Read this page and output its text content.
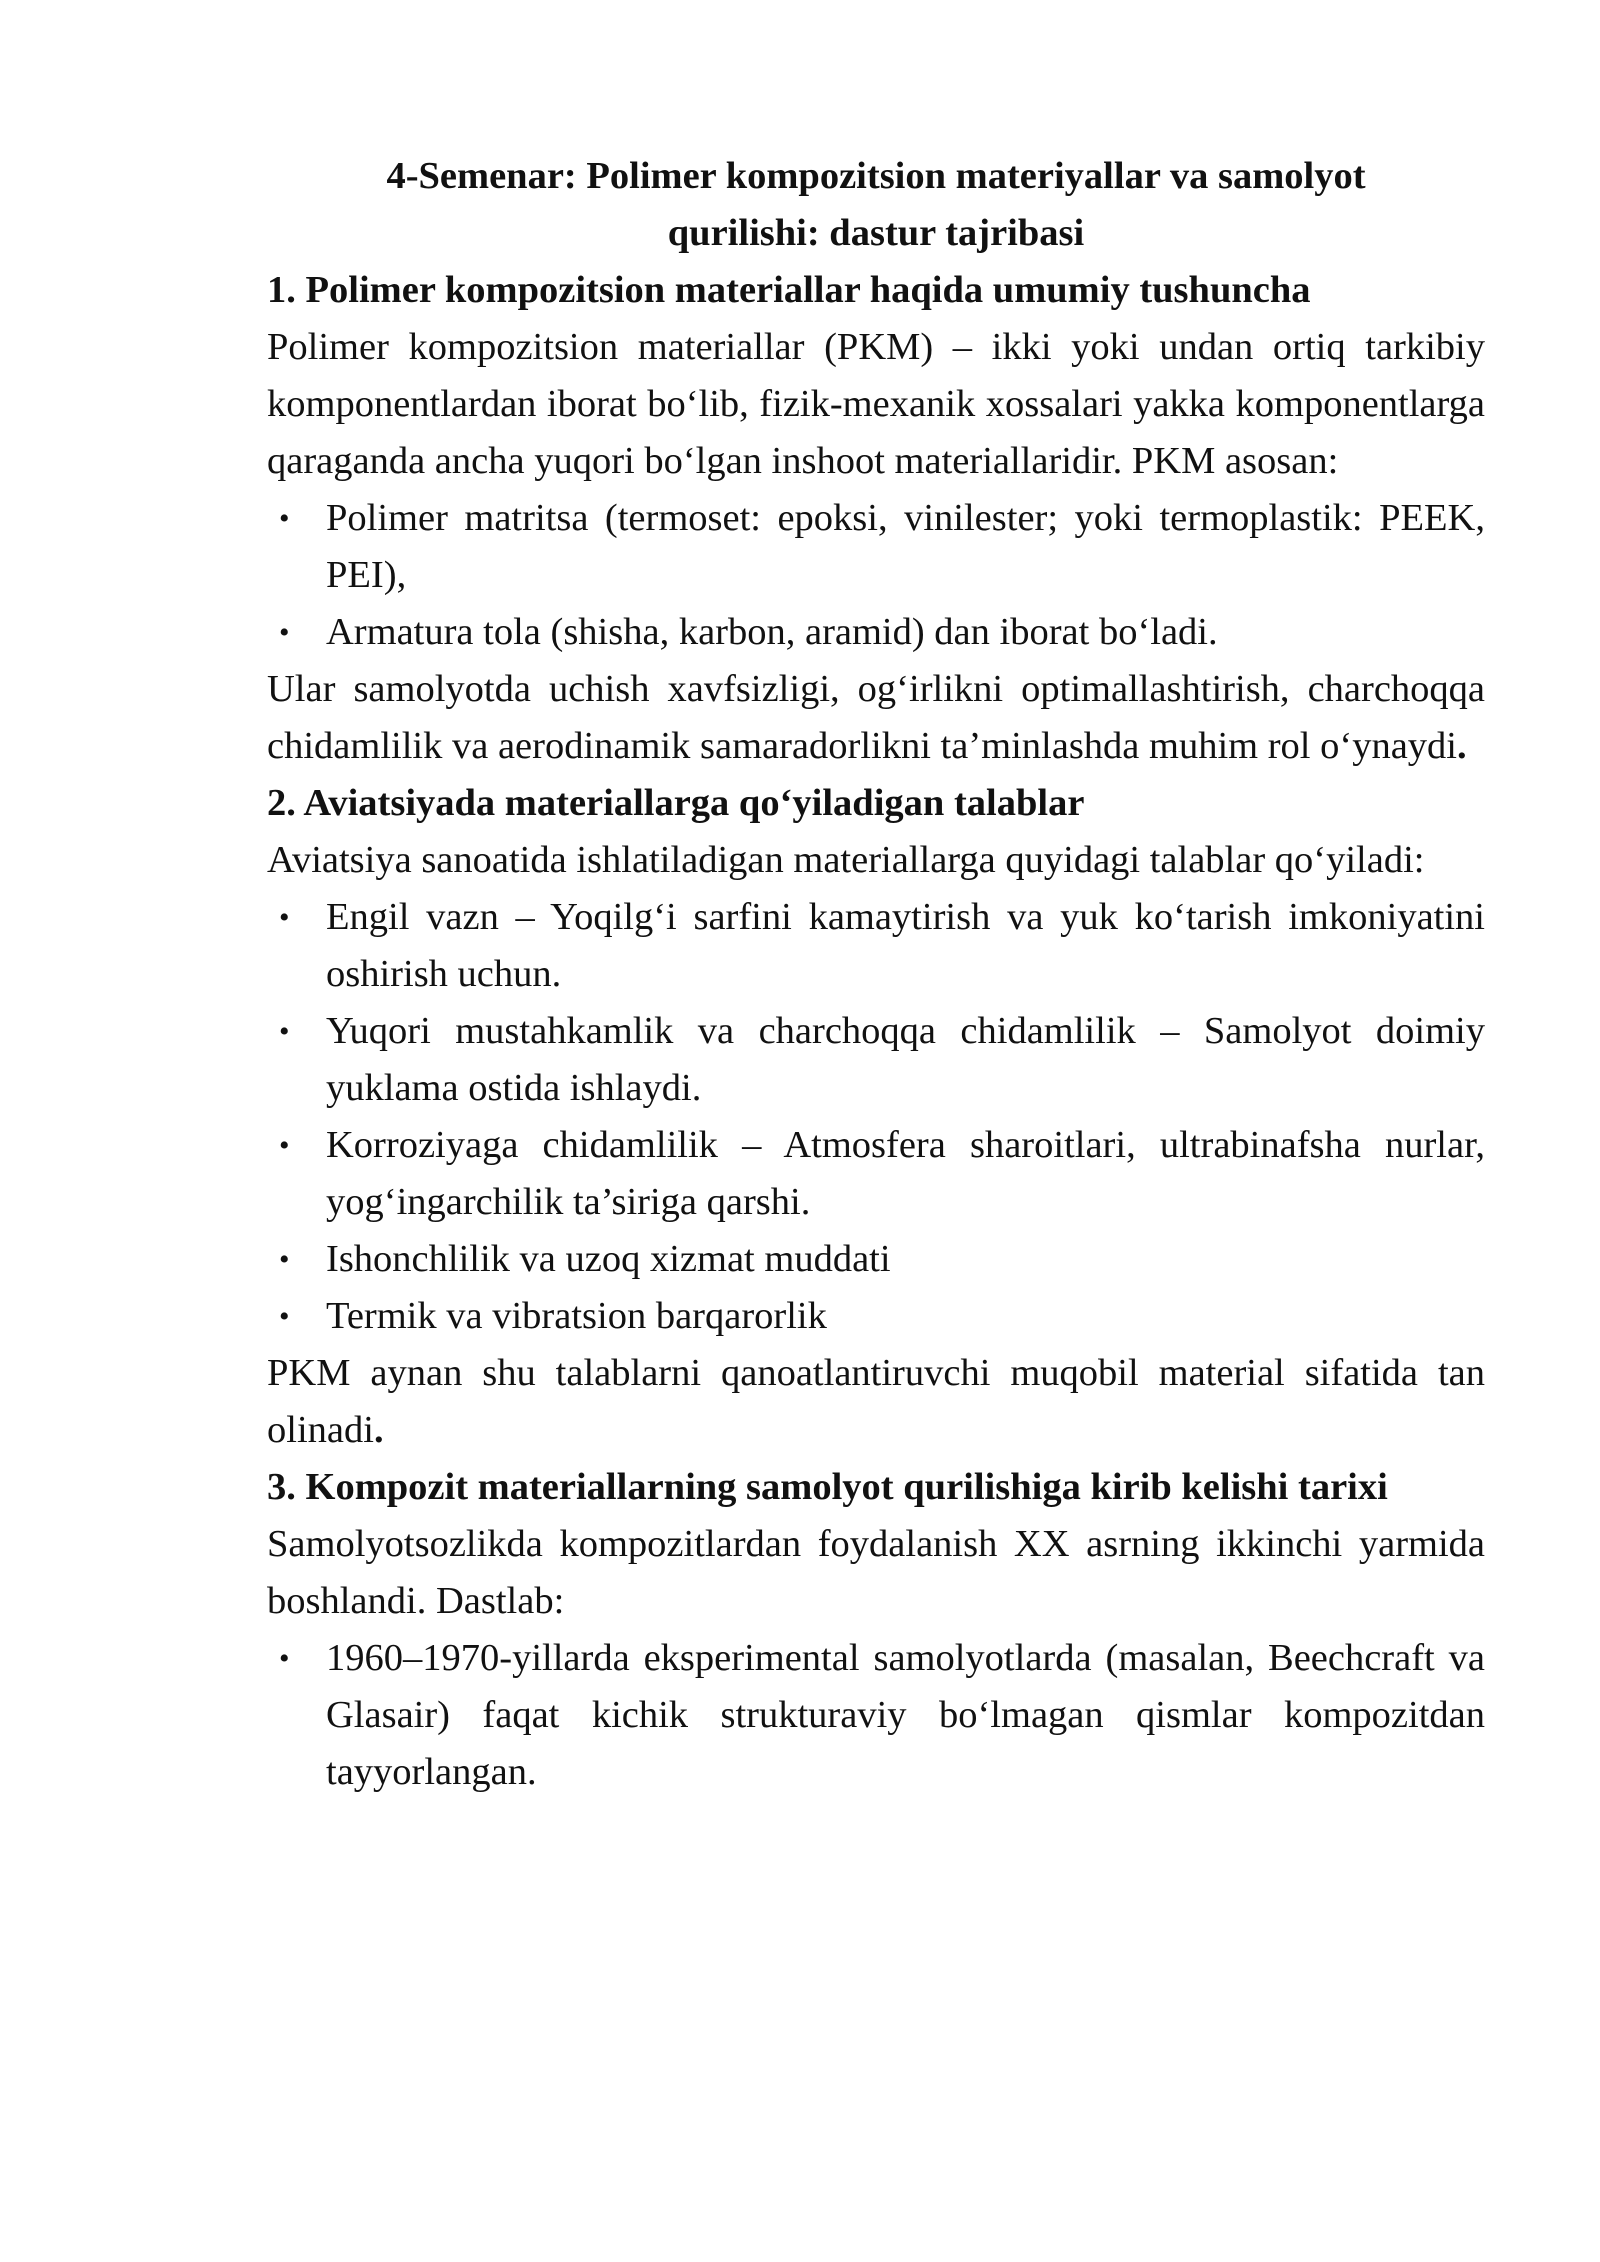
4-Semenar: Polimer kompozitsion materiyallar va samolyot
qurilishi: dastur tajribasi
1. Polimer kompozitsion materiallar haqida umumiy tushuncha

Polimer kompozitsion materiallar (PKM) – ikki yoki undan ortiq tarkibiy komponentlardan iborat bo‘lib, fizik-mexanik xossalari yakka komponentlarga qaraganda ancha yuqori bo‘lgan inshoot materiallaridir. PKM asosan:

• Polimer matritsa (termoset: epoksi, vinilester; yoki termoplastik: PEEK, PEI),
• Armatura tola (shisha, karbon, aramid) dan iborat bo‘ladi.

Ular samolyotda uchish xavfsizligi, og‘irlikni optimallashtirish, charchoqqa chidamlilik va aerodinamik samaradorlikni ta’minlashda muhim rol o‘ynaydi.

2. Aviatsiyada materiallarga qo‘yiladigan talablar

Aviatsiya sanoatida ishlatiladigan materiallarga quyidagi talablar qo‘yiladi:

• Engil vazn – Yoqilg‘i sarfini kamaytirish va yuk ko‘tarish imkoniyatini oshirish uchun.
• Yuqori mustahkamlik va charchoqqa chidamlilik – Samolyot doimiy yuklama ostida ishlaydi.
• Korroziyaga chidamlilik – Atmosfera sharoitlari, ultrabinafsha nurlar, yog‘ingarchilik ta’siriga qarshi.
• Ishonchlilik va uzoq xizmat muddati
• Termik va vibratsion barqarorlik

PKM aynan shu talablarni qanoatlantiruvchi muqobil material sifatida tan olinadi.

3. Kompozit materiallarning samolyot qurilishiga kirib kelishi tarixi

Samolyotsozlikda kompozitlardan foydalanish XX asrning ikkinchi yarmida boshlandi. Dastlab:

• 1960–1970-yillarda eksperimental samolyotlarda (masalan, Beechcraft va Glasair) faqat kichik strukturaviy bo‘lmagan qismlar kompozitdan tayyorlangan.
